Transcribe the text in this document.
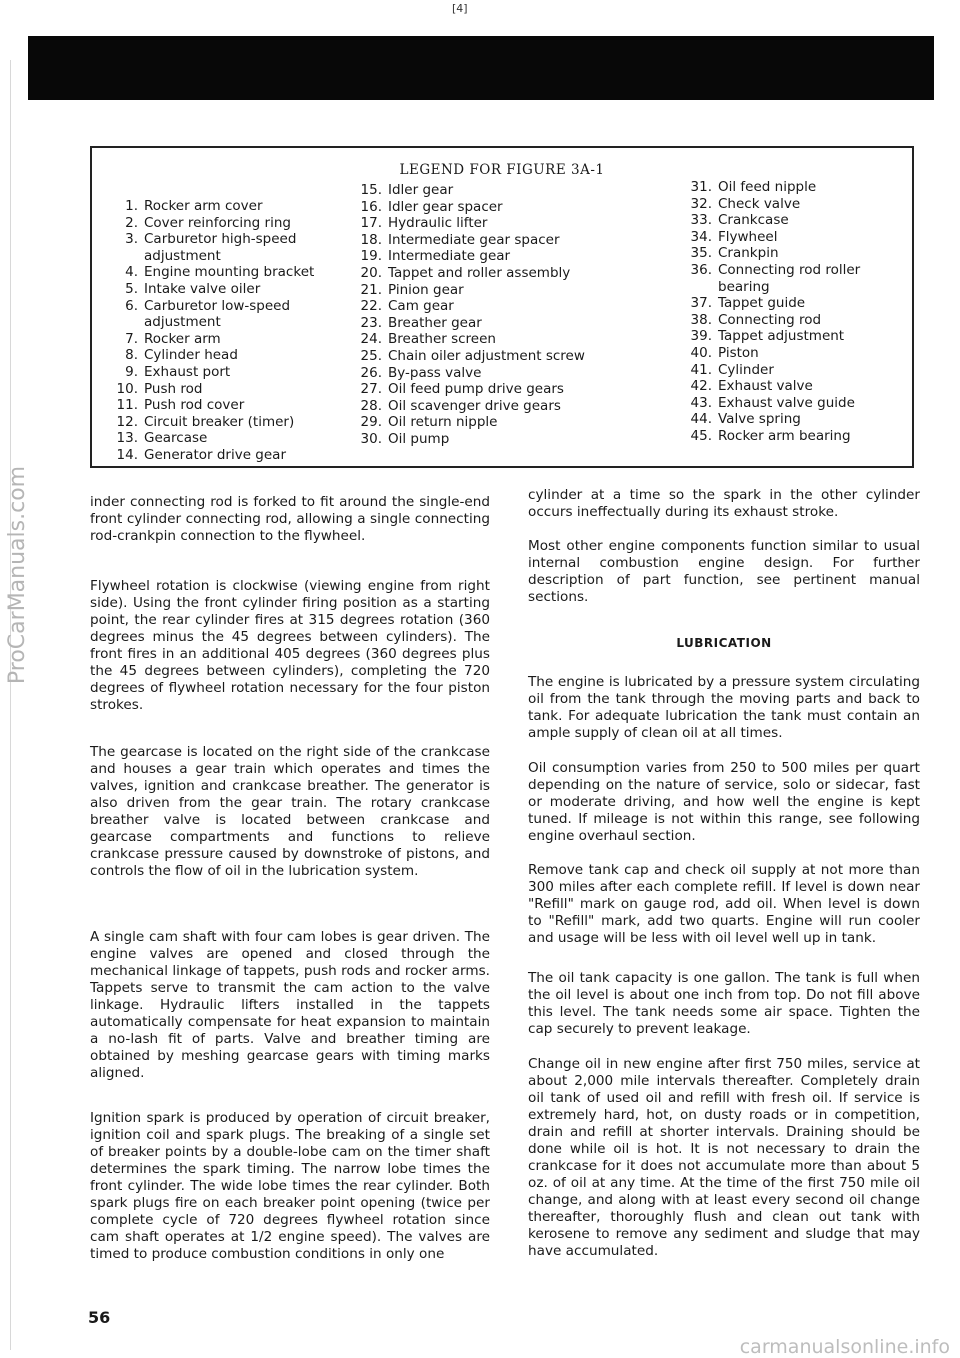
[4]
ProCarManuals.com
LEGEND FOR FIGURE 3A-1
1. Rocker arm cover
2. Cover reinforcing ring
3. Carburetor high-speed
adjustment
4. Engine mounting bracket
5. Intake valve oiler
6. Carburetor low-speed
adjustment
7. Rocker arm
8. Cylinder head
9. Exhaust port
10. Push rod
11. Push rod cover
12. Circuit breaker (timer)
13. Gearcase
14. Generator drive gear
15. Idler gear
16. Idler gear spacer
17. Hydraulic lifter
18. Intermediate gear spacer
19. Intermediate gear
20. Tappet and roller assembly
21. Pinion gear
22. Cam gear
23. Breather gear
24. Breather screen
25. Chain oiler adjustment screw
26. By-pass valve
27. Oil feed pump drive gears
28. Oil scavenger drive gears
29. Oil return nipple
30. Oil pump
31. Oil feed nipple
32. Check valve
33. Crankcase
34. Flywheel
35. Crankpin
36. Connecting rod roller
bearing
37. Tappet guide
38. Connecting rod
39. Tappet adjustment
40. Piston
41. Cylinder
42. Exhaust valve
43. Exhaust valve guide
44. Valve spring
45. Rocker arm bearing

inder connecting rod is forked to fit around the single-end front cylinder connecting rod, allowing a single connecting rod-crankpin connection to the flywheel.

Flywheel rotation is clockwise (viewing engine from right side). Using the front cylinder firing position as a starting point, the rear cylinder fires at 315 degrees rotation (360 degrees minus the 45 degrees between cylinders). The front fires in an additional 405 degrees (360 degrees plus the 45 degrees between cylinders), completing the 720 degrees of flywheel rotation necessary for the four piston strokes.

The gearcase is located on the right side of the crankcase and houses a gear train which operates and times the valves, ignition and crankcase breather. The generator is also driven from the gear train. The rotary crankcase breather valve is located between crankcase and gearcase compartments and functions to relieve crankcase pressure caused by downstroke of pistons, and controls the flow of oil in the lubrication system.

A single cam shaft with four cam lobes is gear driven. The engine valves are opened and closed through the mechanical linkage of tappets, push rods and rocker arms. Tappets serve to transmit the cam action to the valve linkage. Hydraulic lifters installed in the tappets automatically compensate for heat expansion to maintain a no-lash fit of parts. Valve and breather timing are obtained by meshing gearcase gears with timing marks aligned.

Ignition spark is produced by operation of circuit breaker, ignition coil and spark plugs. The breaking of a single set of breaker points by a double-lobe cam on the timer shaft determines the spark timing. The narrow lobe times the front cylinder. The wide lobe times the rear cylinder. Both spark plugs fire on each breaker point opening (twice per complete cycle of 720 degrees flywheel rotation since cam shaft operates at 1/2 engine speed). The valves are timed to produce combustion conditions in only one

cylinder at a time so the spark in the other cylinder occurs ineffectually during its exhaust stroke.

Most other engine components function similar to usual internal combustion engine design. For further description of part function, see pertinent manual sections.

LUBRICATION

The engine is lubricated by a pressure system circulating oil from the tank through the moving parts and back to tank. For adequate lubrication the tank must contain an ample supply of clean oil at all times.

Oil consumption varies from 250 to 500 miles per quart depending on the nature of service, solo or sidecar, fast or moderate driving, and how well the engine is kept tuned. If mileage is not within this range, see following engine overhaul section.

Remove tank cap and check oil supply at not more than 300 miles after each complete refill. If level is down near "Refill" mark on gauge rod, add oil. When level is down to "Refill" mark, add two quarts. Engine will run cooler and usage will be less with oil level well up in tank.

The oil tank capacity is one gallon. The tank is full when the oil level is about one inch from top. Do not fill above this level. The tank needs some air space. Tighten the cap securely to prevent leakage.

Change oil in new engine after first 750 miles, service at about 2,000 mile intervals thereafter. Completely drain oil tank of used oil and refill with fresh oil. If service is extremely hard, hot, on dusty roads or in competition, drain and refill at shorter intervals. Draining should be done while oil is hot. It is not necessary to drain the crankcase for it does not accumulate more than about 5 oz. of oil at any time. At the time of the first 750 mile oil change, and along with at least every second oil change thereafter, thoroughly flush and clean out tank with kerosene to remove any sediment and sludge that may have accumulated.

56
carmanualsonline.info
